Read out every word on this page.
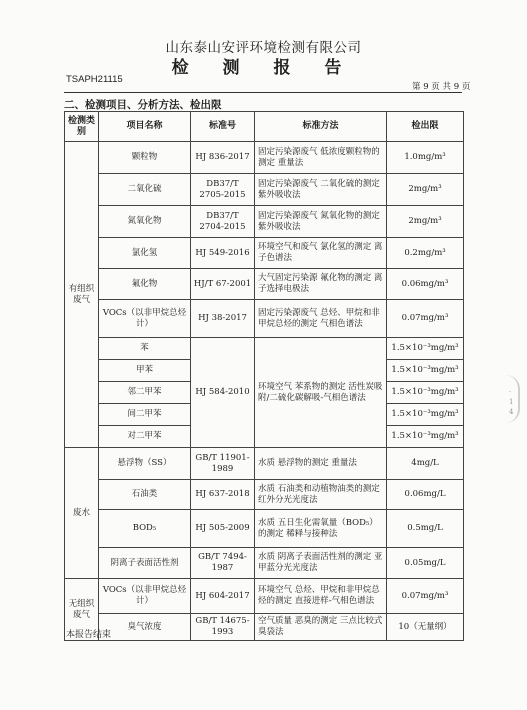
山东泰山安评环境检测有限公司
检 测 报 告
TSAPH21115
第 9 页 共 9 页
二、检测项目、分析方法、检出限
检测类别	项目名称	标准号	标准方法	检出限
有组织废气	颗粒物	HJ 836-2017	固定污染源废气 低浓度颗粒物的测定 重量法	1.0mg/m³
	二氧化硫	DB37/T 2705-2015	固定污染源废气 二氧化硫的测定 紫外吸收法	2mg/m³
	氮氧化物	DB37/T 2704-2015	固定污染源废气 氮氧化物的测定 紫外吸收法	2mg/m³
	氯化氢	HJ 549-2016	环境空气和废气 氯化氢的测定 离子色谱法	0.2mg/m³
	氟化物	HJ/T 67-2001	大气固定污染源 氟化物的测定 离子选择电极法	0.06mg/m³
	VOCs（以非甲烷总烃计）	HJ 38-2017	固定污染源废气 总烃、甲烷和非甲烷总烃的测定 气相色谱法	0.07mg/m³
	苯	HJ 584-2010	环境空气 苯系物的测定 活性炭吸附/二硫化碳解吸-气相色谱法	1.5×10⁻³mg/m³
	甲苯			1.5×10⁻³mg/m³
	邻二甲苯			1.5×10⁻³mg/m³
	间二甲苯			1.5×10⁻³mg/m³
	对二甲苯			1.5×10⁻³mg/m³
废水	悬浮物（SS）	GB/T 11901-1989	水质 悬浮物的测定 重量法	4mg/L
	石油类	HJ 637-2018	水质 石油类和动植物油类的测定 红外分光光度法	0.06mg/L
	BOD₅	HJ 505-2009	水质 五日生化需氧量（BOD₅）的测定 稀释与接种法	0.5mg/L
	阴离子表面活性剂	GB/T 7494-1987	水质 阴离子表面活性剂的测定 亚甲蓝分光光度法	0.05mg/L
无组织废气	VOCs（以非甲烷总烃计）	HJ 604-2017	环境空气 总烃、甲烷和非甲烷总烃的测定 直接进样-气相色谱法	0.07mg/m³
	臭气浓度	GB/T 14675-1993	空气质量 恶臭的测定 三点比较式臭袋法	10（无量纲）
本报告结束
·
1
4
